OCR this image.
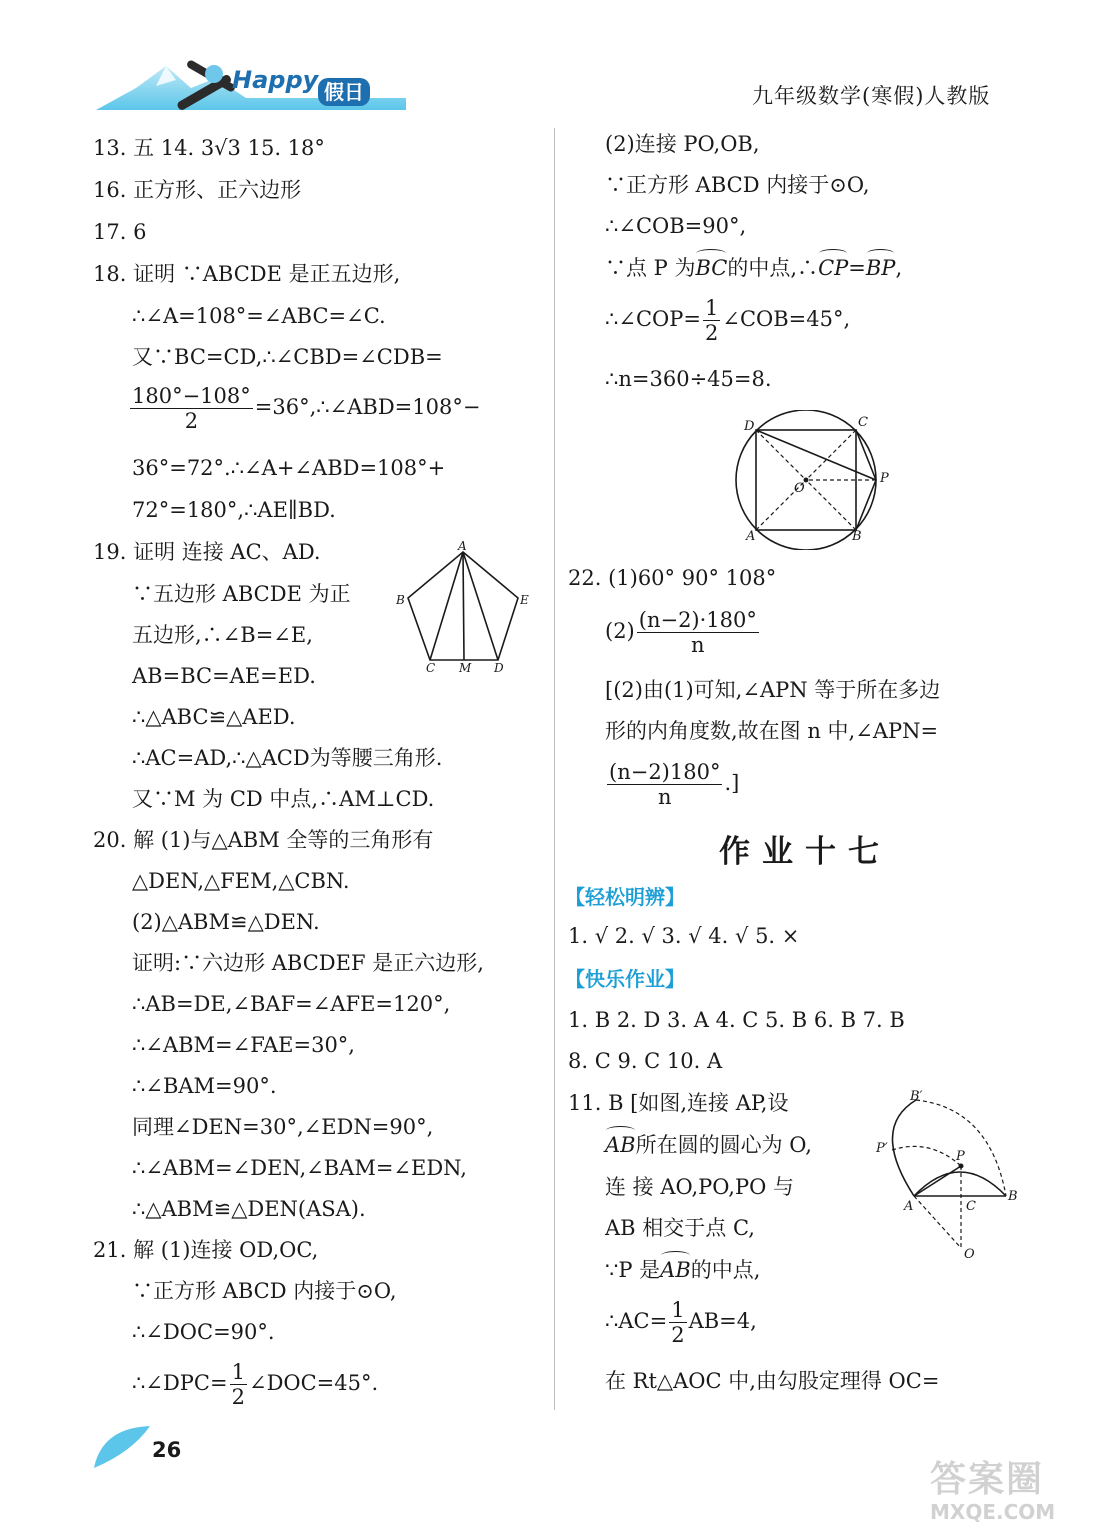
Happy 假日	九年级数学(寒假)人教版
13. 五 14. 3√3 15. 18°
16. 正方形、正六边形
17. 6
18. 证明 ∵ABCDE 是正五边形,
∴∠A=108°=∠ABC=∠C.
又∵BC=CD,∴∠CBD=∠CDB=
$\frac{180^\circ-108^\circ}{2}$ =36°,∴∠ABD=108°−
36°=72°.∴∠A+∠ABD=108°+
72°=180°,∴AE∥BD.
19. 证明 连接 AC、AD.
∵五边形 ABCDE 为正
五边形,∴∠B=∠E,
AB=BC=AE=ED.
∴△ABC≌△AED.
∴AC=AD,∴△ACD为等腰三角形.
又∵M 为 CD 中点,∴AM⊥CD.
20. 解 (1)与△ABM 全等的三角形有
△DEN,△FEM,△CBN.
(2)△ABM≌△DEN.
证明:∵六边形 ABCDEF 是正六边形,
∴AB=DE,∠BAF=∠AFE=120°,
∴∠ABM=∠FAE=30°,
∴∠BAM=90°.
同理∠DEN=30°,∠EDN=90°,
∴∠ABM=∠DEN,∠BAM=∠EDN,
∴△ABM≌△DEN(ASA).
21. 解 (1)连接 OD,OC,
∵正方形 ABCD 内接于⊙O,
∴∠DOC=90°.
∴∠DPC= $\frac{1}{2}$ ∠DOC=45°.
A
B	E
C M D
(2)连接 PO,OB,
∵正方形 ABCD 内接于⊙O,
∴∠COB=90°,
∵点 P 为BC的中点,∴CP=BP,
∴∠COP= $\frac{1}{2}$ ∠COB=45°,
∴n=360÷45=8.
D	C
P
O
A	B
22. (1)60° 90° 108°
$(2) \frac{(n-2)\cdot 180^\circ}{n}$
[(2)由(1)可知,∠APN 等于所在多边
形的内角度数,故在图 n 中,∠APN=
$\frac{(n-2)180^\circ}{n}$ .]
作业十七
【轻松明辨】
1. √ 2. √ 3. √ 4. √ 5. ×
【快乐作业】
1. B 2. D 3. A 4. C 5. B 6. B 7. B
8. C 9. C 10. A
11. B [如图,连接 AP,设
AB所在圆的圆心为 O,
连 接 AO,PO,PO 与
AB 相交于点 C,
∵P 是AB的中点,
∴AC= $\frac{1}{2} AB=4$,
在 Rt△AOC 中,由勾股定理得 OC=
B′
P′
P
A	C
B
O
26
答案圈
MXQE.COM
